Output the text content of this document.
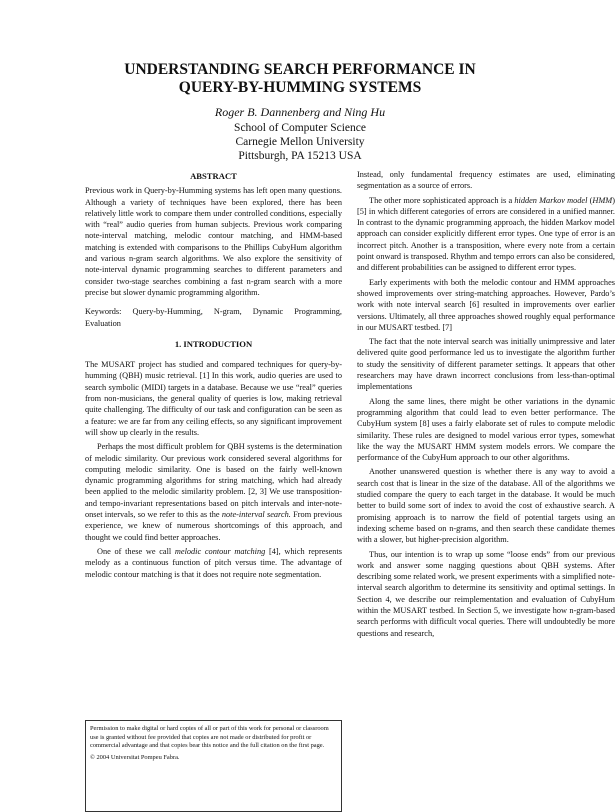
UNDERSTANDING SEARCH PERFORMANCE IN
QUERY-BY-HUMMING SYSTEMS
Roger B. Dannenberg and Ning Hu
School of Computer Science
Carnegie Mellon University
Pittsburgh, PA 15213 USA

ABSTRACT

Previous work in Query-by-Humming systems has left open many questions. Although a variety of techniques have been explored, there has been relatively little work to compare them under controlled conditions, especially with “real” audio queries from human subjects. Previous work comparing note-interval matching, melodic contour matching, and HMM-based matching is extended with comparisons to the Phillips CubyHum algorithm and various n-gram search algorithms. We also explore the sensitivity of note-interval dynamic programming searches to different parameters and consider two-stage searches combining a fast n-gram search with a more precise but slower dynamic programming algorithm.

Keywords: Query-by-Humming, N-gram, Dynamic Programming, Evaluation

1. INTRODUCTION

The MUSART project has studied and compared techniques for query-by-humming (QBH) music retrieval. [1] In this work, audio queries are used to search symbolic (MIDI) targets in a database. Because we use “real” queries from non-musicians, the general quality of queries is low, making retrieval quite challenging. The difficulty of our task and configuration can be seen as a feature: we are far from any ceiling effects, so any significant improvement will show up clearly in the results.

Perhaps the most difficult problem for QBH systems is the determination of melodic similarity. Our previous work considered several algorithms for computing melodic similarity. One is based on the fairly well-known dynamic programming algorithms for string matching, which had already been applied to the melodic similarity problem. [2, 3] We use transposition- and tempo-invariant representations based on pitch intervals and inter-note-onset intervals, so we refer to this as the note-interval search. From previous experience, we knew of numerous shortcomings of this approach, and thought we could find better approaches.

One of these we call melodic contour matching [4], which represents melody as a continuous function of pitch versus time. The advantage of melodic contour matching is that it does not require note segmentation.

Permission to make digital or hard copies of all or part of this work for personal or classroom use is granted without fee provided that copies are not made or distributed for profit or commercial advantage and that copies bear this notice and the full citation on the first page.

© 2004 Universitat Pompeu Fabra.

Instead, only fundamental frequency estimates are used, eliminating segmentation as a source of errors.

The other more sophisticated approach is a hidden Markov model (HMM) [5] in which different categories of errors are considered in a unified manner. In contrast to the dynamic programming approach, the hidden Markov model approach can consider explicitly different error types. One type of error is an incorrect pitch. Another is a transposition, where every note from a certain point onward is transposed. Rhythm and tempo errors can also be considered, and different probabilities can be assigned to different error types.

Early experiments with both the melodic contour and HMM approaches showed improvements over string-matching approaches. However, Pardo’s work with note interval search [6] resulted in improvements over earlier versions. Ultimately, all three approaches showed roughly equal performance in our MUSART testbed. [7]

The fact that the note interval search was initially unimpressive and later delivered quite good performance led us to investigate the algorithm further to study the sensitivity of different parameter settings. It appears that other researchers may have drawn incorrect conclusions from less-than-optimal implementations

Along the same lines, there might be other variations in the dynamic programming algorithm that could lead to even better performance. The CubyHum system [8] uses a fairly elaborate set of rules to compute melodic similarity. These rules are designed to model various error types, somewhat like the way the MUSART HMM system models errors. We compare the performance of the CubyHum approach to our other algorithms.

Another unanswered question is whether there is any way to avoid a search cost that is linear in the size of the database. All of the algorithms we studied compare the query to each target in the database. It would be much better to build some sort of index to avoid the cost of exhaustive search. A promising approach is to narrow the field of potential targets using an indexing scheme based on n-grams, and then search these candidate themes with a slower, but higher-precision algorithm.

Thus, our intention is to wrap up some “loose ends” from our previous work and answer some nagging questions about QBH systems. After describing some related work, we present experiments with a simplified note-interval search algorithm to determine its sensitivity and optimal settings. In Section 4, we describe our reimplementation and evaluation of CubyHum within the MUSART testbed. In Section 5, we investigate how n-gram-based search performs with difficult vocal queries. There will undoubtedly be more questions and research,
